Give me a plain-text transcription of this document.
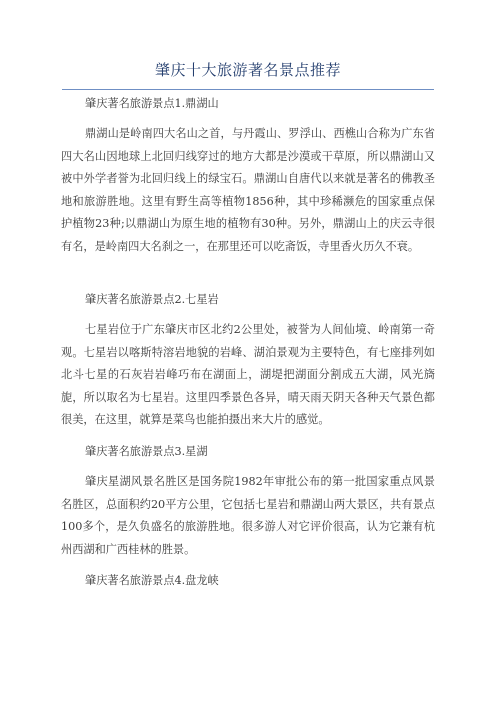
肇庆十大旅游著名景点推荐

肇庆著名旅游景点1.鼎湖山

鼎湖山是岭南四大名山之首，与丹霞山、罗浮山、西樵山合称为广东省四大名山因地球上北回归线穿过的地方大都是沙漠或干草原，所以鼎湖山又被中外学者誉为北回归线上的绿宝石。鼎湖山自唐代以来就是著名的佛教圣地和旅游胜地。这里有野生高等植物1856种，其中珍稀濒危的国家重点保护植物23种;以鼎湖山为原生地的植物有30种。另外，鼎湖山上的庆云寺很有名，是岭南四大名刹之一，在那里还可以吃斋饭，寺里香火历久不衰。

肇庆著名旅游景点2.七星岩

七星岩位于广东肇庆市区北约2公里处，被誉为人间仙境、岭南第一奇观。七星岩以喀斯特溶岩地貌的岩峰、湖泊景观为主要特色，有七座排列如北斗七星的石灰岩岩峰巧布在湖面上，湖堤把湖面分割成五大湖，风光旖旎，所以取名为七星岩。这里四季景色各异，晴天雨天阴天各种天气景色都很美，在这里，就算是菜鸟也能拍摄出来大片的感觉。

肇庆著名旅游景点3.星湖

肇庆星湖风景名胜区是国务院1982年审批公布的第一批国家重点风景名胜区，总面积约20平方公里，它包括七星岩和鼎湖山两大景区，共有景点100多个，是久负盛名的旅游胜地。很多游人对它评价很高，认为它兼有杭州西湖和广西桂林的胜景。

肇庆著名旅游景点4.盘龙峡
